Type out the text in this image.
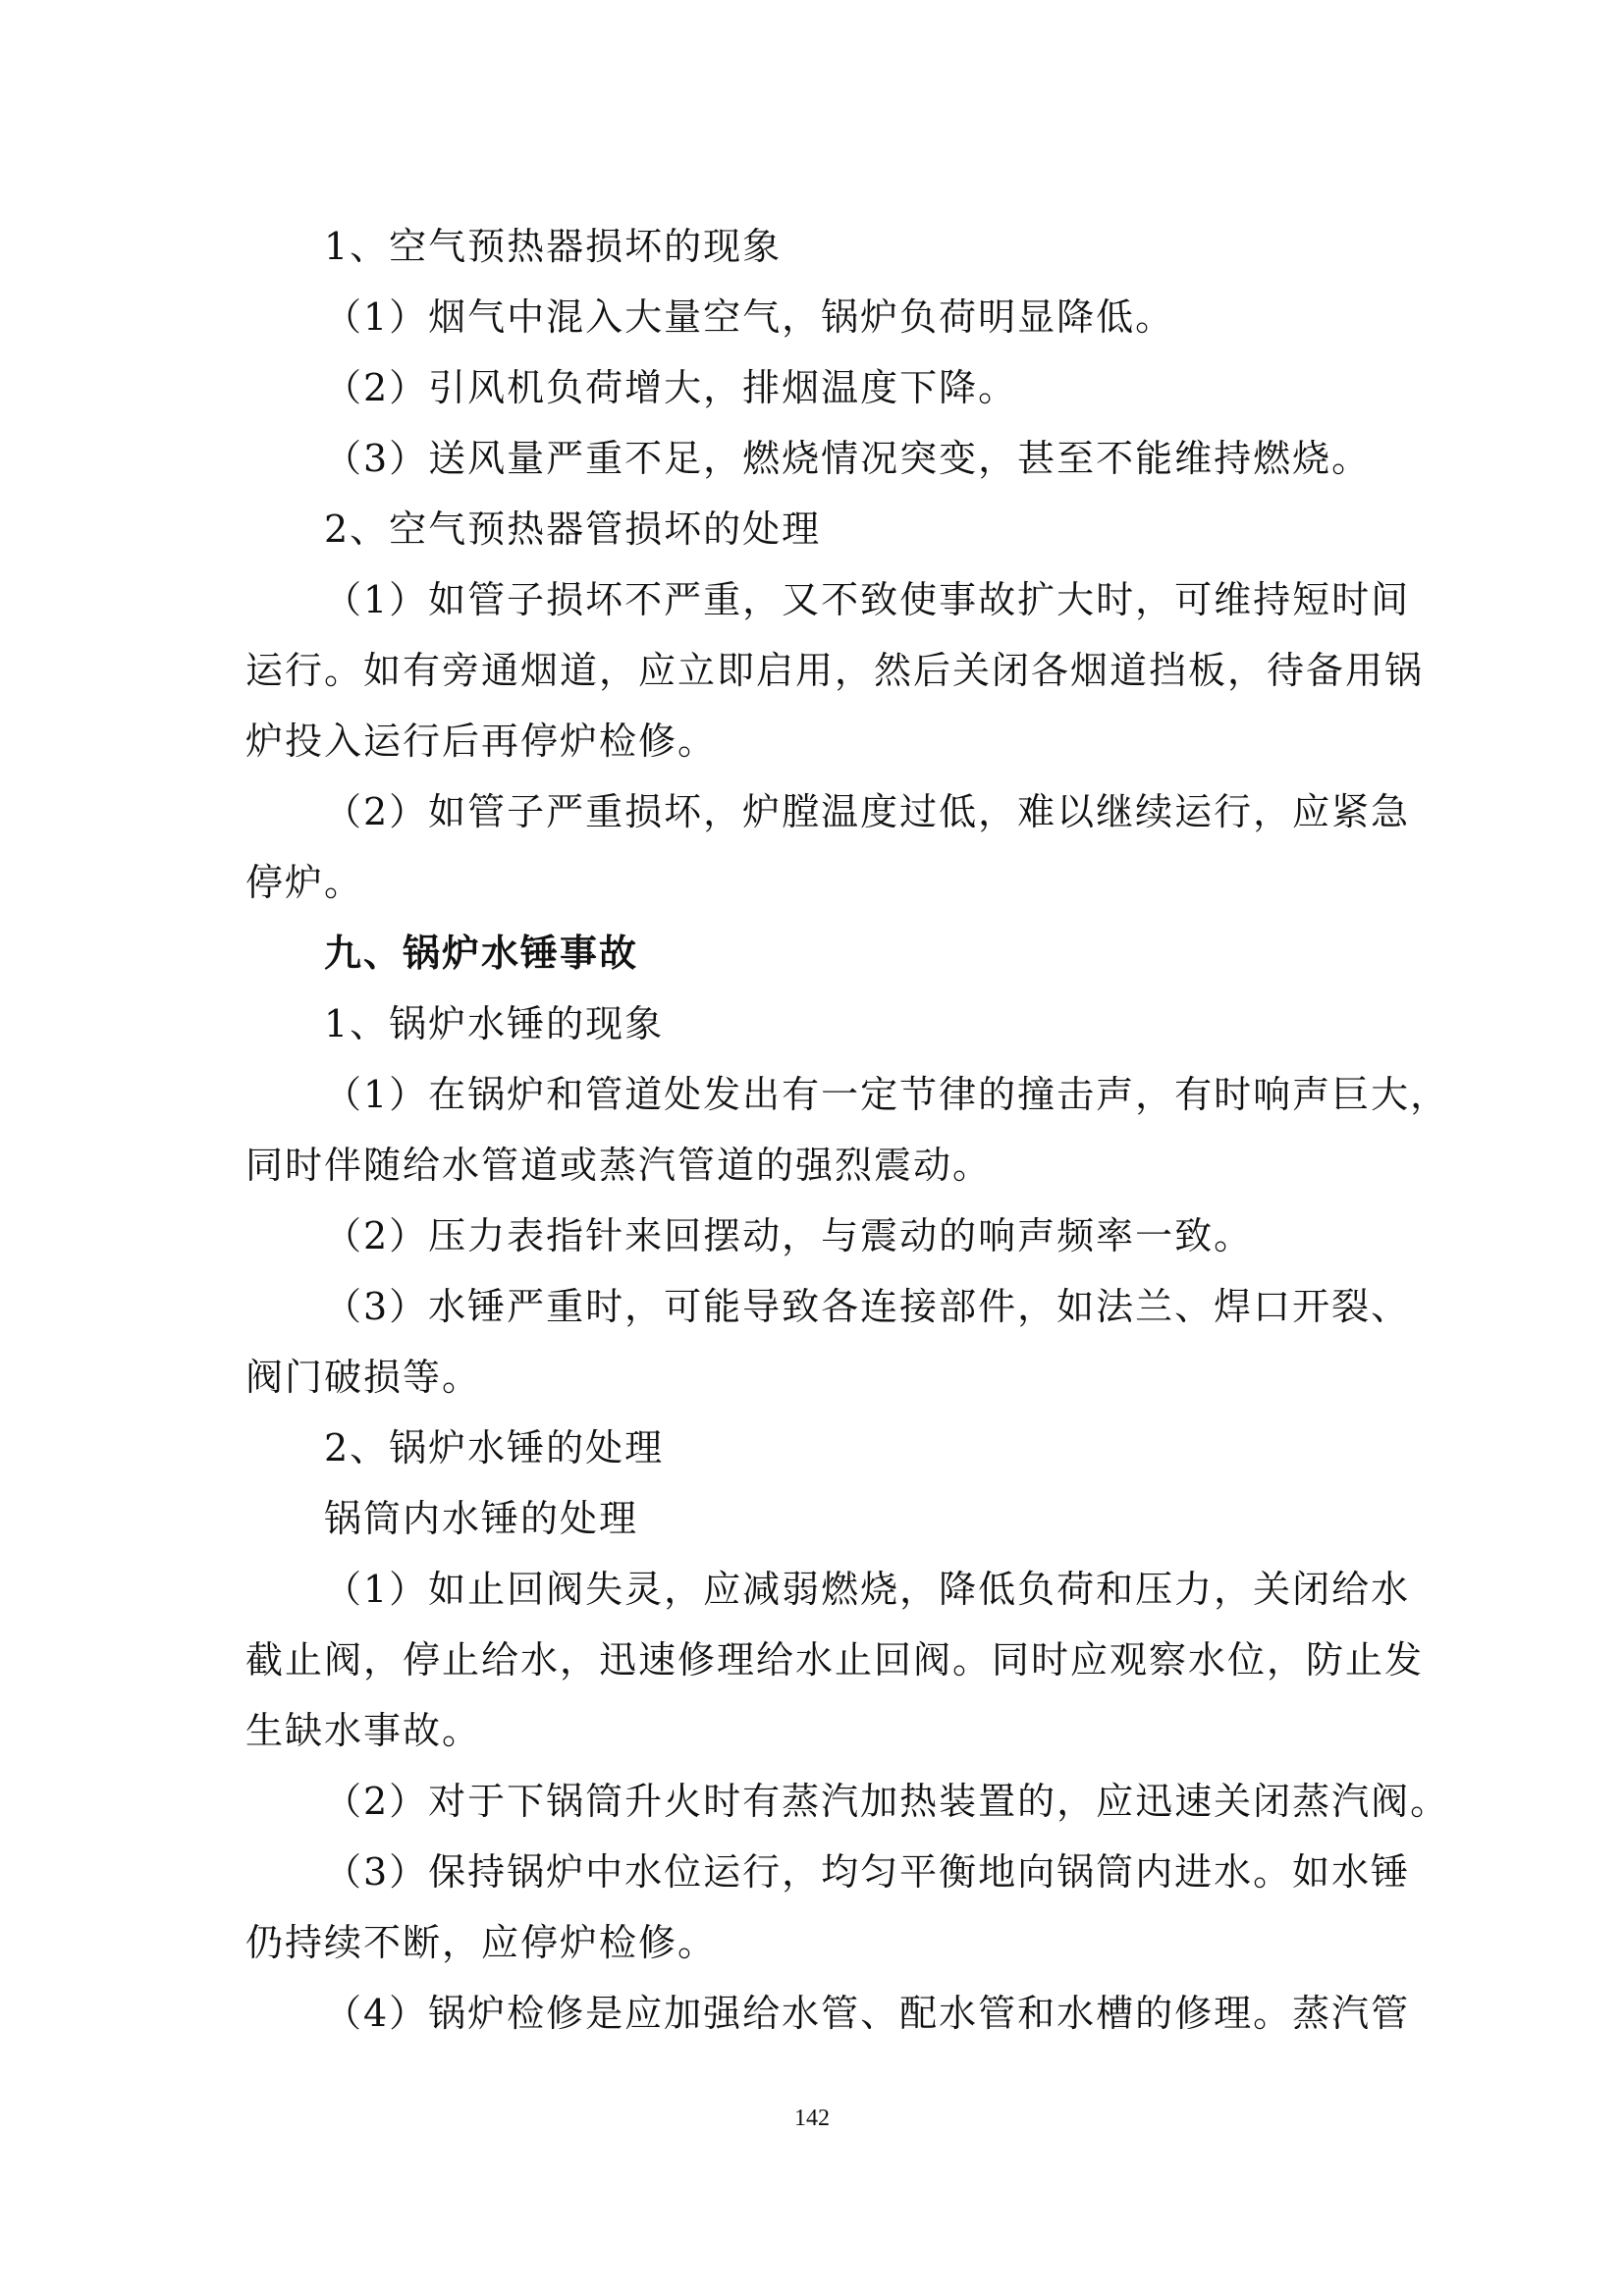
1、空气预热器损坏的现象
（1）烟气中混入大量空气，锅炉负荷明显降低。
（2）引风机负荷增大，排烟温度下降。
（3）送风量严重不足，燃烧情况突变，甚至不能维持燃烧。
2、空气预热器管损坏的处理
（1）如管子损坏不严重，又不致使事故扩大时，可维持短时间
运行。如有旁通烟道，应立即启用，然后关闭各烟道挡板，待备用锅
炉投入运行后再停炉检修。
（2）如管子严重损坏，炉膛温度过低，难以继续运行，应紧急
停炉。
九、锅炉水锤事故
1、锅炉水锤的现象
（1）在锅炉和管道处发出有一定节律的撞击声，有时响声巨大，
同时伴随给水管道或蒸汽管道的强烈震动。
（2）压力表指针来回摆动，与震动的响声频率一致。
（3）水锤严重时，可能导致各连接部件，如法兰、焊口开裂、
阀门破损等。
2、锅炉水锤的处理
锅筒内水锤的处理
（1）如止回阀失灵，应减弱燃烧，降低负荷和压力，关闭给水
截止阀，停止给水，迅速修理给水止回阀。同时应观察水位，防止发
生缺水事故。
（2）对于下锅筒升火时有蒸汽加热装置的，应迅速关闭蒸汽阀。
（3）保持锅炉中水位运行，均匀平衡地向锅筒内进水。如水锤
仍持续不断，应停炉检修。
（4）锅炉检修是应加强给水管、配水管和水槽的修理。蒸汽管
142
